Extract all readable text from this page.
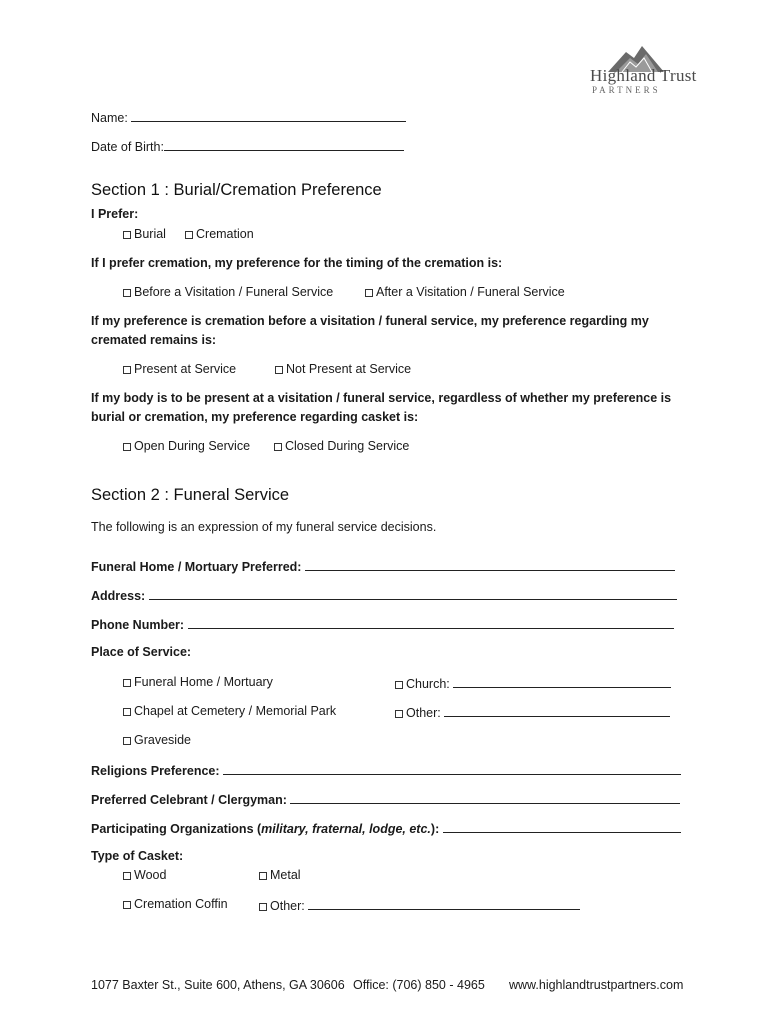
Highland Trust
PARTNERS
Name:
Date of Birth:
Section 1 : Burial/Cremation Preference
I Prefer:
Burial	Cremation
If I prefer cremation, my preference for the timing of the cremation is:
Before a Visitation / Funeral Service	After a Visitation / Funeral Service
If my preference is cremation before a visitation / funeral service, my preference regarding my
cremated remains is:
Present at Service	Not Present at Service
If my body is to be present at a visitation / funeral service, regardless of whether my preference is
burial or cremation, my preference regarding casket is:
Open During Service	Closed During Service
Section 2 : Funeral Service
The following is an expression of my funeral service decisions.
Funeral Home / Mortuary Preferred:
Address:
Phone Number:
Place of Service:
Funeral Home / Mortuary	Church:
Chapel at Cemetery / Memorial Park	Other:
Graveside
Religions Preference:
Preferred Celebrant / Clergyman:
Participating Organizations (military, fraternal, lodge, etc.):
Type of Casket:
Wood	Metal
Cremation Coffin	Other:
1077 Baxter St., Suite 600, Athens, GA 30606 Office: (706) 850 - 4965 www.highlandtrustpartners.com
